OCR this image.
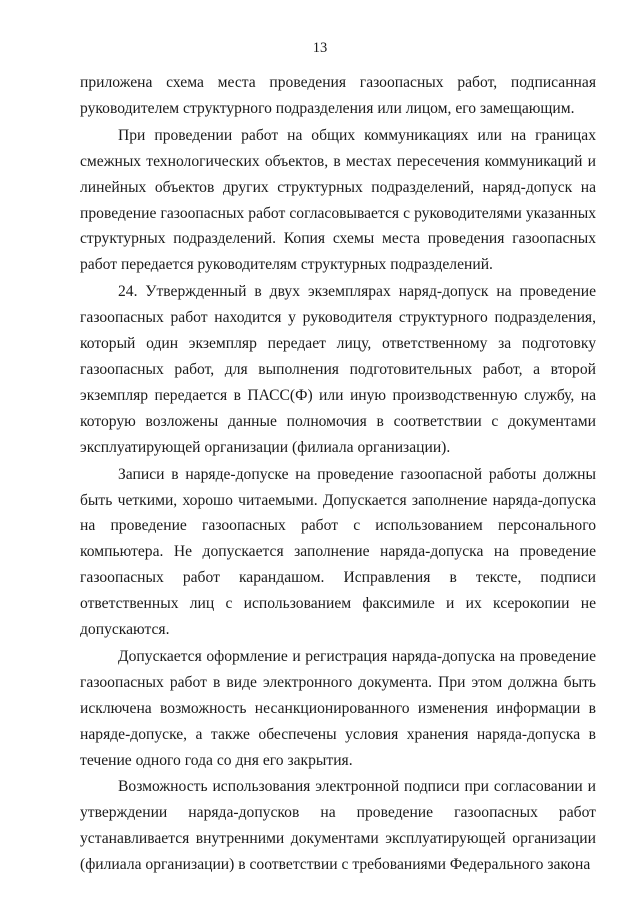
13

приложена схема места проведения газоопасных работ, подписанная руководителем структурного подразделения или лицом, его замещающим.

При проведении работ на общих коммуникациях или на границах смежных технологических объектов, в местах пересечения коммуникаций и линейных объектов других структурных подразделений, наряд-допуск на проведение газоопасных работ согласовывается с руководителями указанных структурных подразделений. Копия схемы места проведения газоопасных работ передается руководителям структурных подразделений.

24. Утвержденный в двух экземплярах наряд-допуск на проведение газоопасных работ находится у руководителя структурного подразделения, который один экземпляр передает лицу, ответственному за подготовку газоопасных работ, для выполнения подготовительных работ, а второй экземпляр передается в ПАСС(Ф) или иную производственную службу, на которую возложены данные полномочия в соответствии с документами эксплуатирующей организации (филиала организации).

Записи в наряде-допуске на проведение газоопасной работы должны быть четкими, хорошо читаемыми. Допускается заполнение наряда-допуска на проведение газоопасных работ с использованием персонального компьютера. Не допускается заполнение наряда-допуска на проведение газоопасных работ карандашом. Исправления в тексте, подписи ответственных лиц с использованием факсимиле и их ксерокопии не допускаются.

Допускается оформление и регистрация наряда-допуска на проведение газоопасных работ в виде электронного документа. При этом должна быть исключена возможность несанкционированного изменения информации в наряде-допуске, а также обеспечены условия хранения наряда-допуска в течение одного года со дня его закрытия.

Возможность использования электронной подписи при согласовании и утверждении наряда-допусков на проведение газоопасных работ устанавливается внутренними документами эксплуатирующей организации (филиала организации) в соответствии с требованиями Федерального закона
